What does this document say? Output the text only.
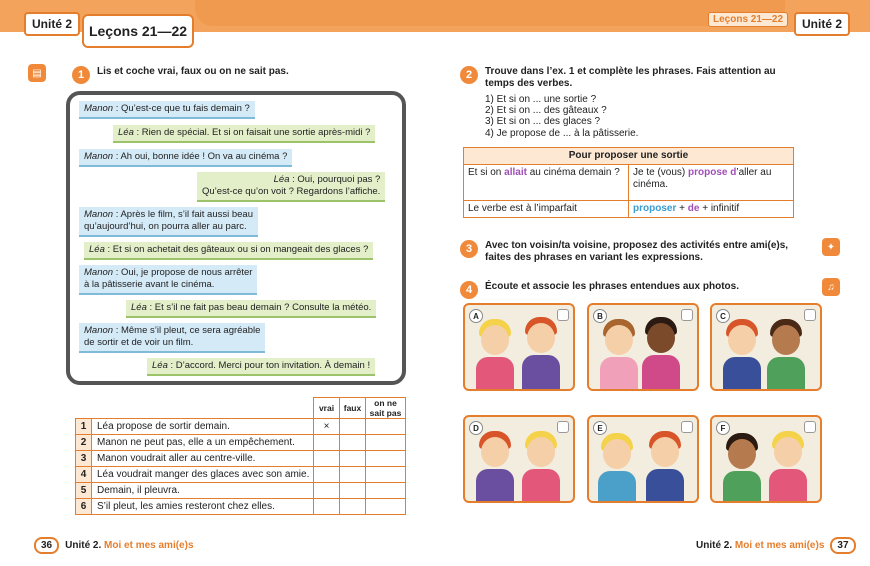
Unité 2	Unité 2
Leçons 21—22
Leçons 21—22
▤
✦
♫
1	Lis et coche vrai, faux ou on ne sait pas.
Manon : Qu’est-ce que tu fais demain ?
Léa : Rien de spécial. Et si on faisait une sortie après-midi ?
Manon : Ah oui, bonne idée ! On va au cinéma ?
Léa : Oui, pourquoi pas ?
Qu’est-ce qu’on voit ? Regardons l’affiche.
Manon : Après le film, s’il fait aussi beau
qu’aujourd’hui, on pourra aller au parc.
Léa : Et si on achetait des gâteaux ou si on mangeait des glaces ?
Manon : Oui, je propose de nous arrêter
à la pâtisserie avant le cinéma.
Léa : Et s’il ne fait pas beau demain ? Consulte la météo.
Manon : Même s’il pleut, ce sera agréable
de sortir et de voir un film.
Léa : D’accord. Merci pour ton invitation. À demain !
		vrai	faux	on ne sait pas
1	Léa propose de sortir demain.	×		
2	Manon ne peut pas, elle a un empêchement.			
3	Manon voudrait aller au centre-ville.			
4	Léa voudrait manger des glaces avec son amie.			
5	Demain, il pleuvra.			
6	S’il pleut, les amies resteront chez elles.			
2	Trouve dans l’ex. 1 et complète les phrases. Fais attention au temps des verbes.
1) Et si on ... une sortie ?
2) Et si on ... des gâteaux ?
3) Et si on ... des glaces ?
4) Je propose de ... à la pâtisserie.
Pour proposer une sortie	
Et si on allait au cinéma demain ?	Je te (vous) propose d’aller au cinéma.
Le verbe est à l’imparfait	proposer + de + infinitif
3	Avec ton voisin/ta voisine, proposez des activités entre ami(e)s, faites des phrases en variant les expressions.
4	Écoute et associe les phrases entendues aux photos.
A	B	C
D	E	F
36	Unité 2. Moi et mes ami(e)s	Unité 2. Moi et mes ami(e)s	37
